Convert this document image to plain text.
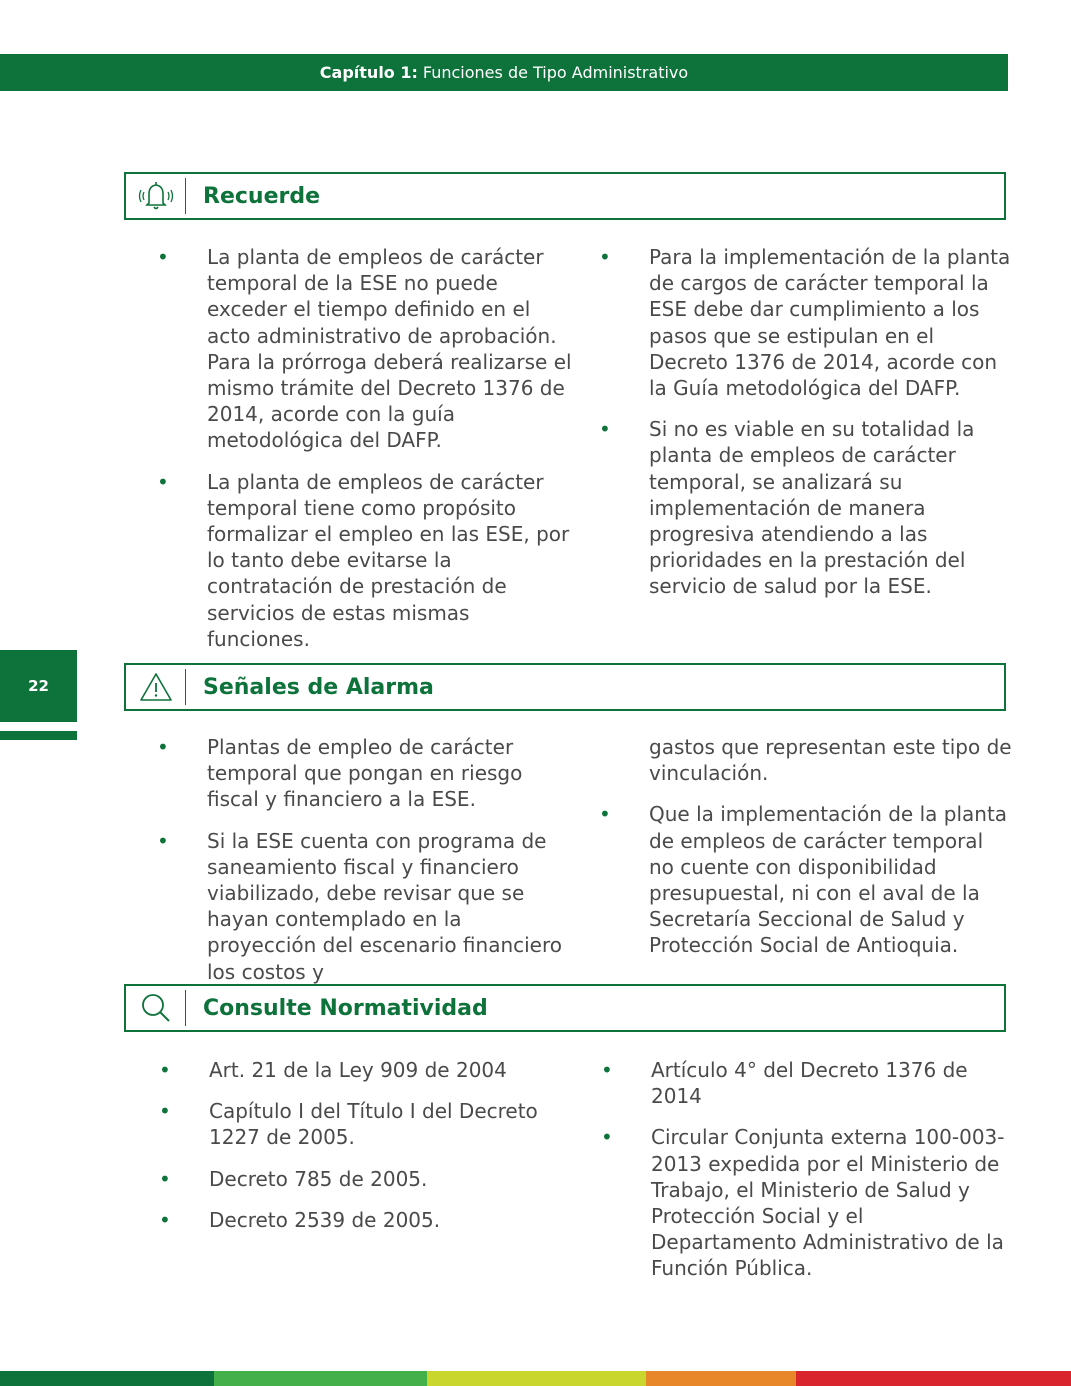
Capítulo 1: Funciones de Tipo Administrativo
22
Recuerde
•	La planta de empleos de carácter temporal de la ESE no puede exceder el tiempo definido en el acto administrativo de aprobación. Para la prórroga deberá realizarse el mismo trámite del Decreto 1376 de 2014, acorde con la guía metodológica del DAFP.
•	La planta de empleos de carácter temporal tiene como propósito formalizar el empleo en las ESE, por lo tanto debe evitarse la contratación de prestación de servicios de estas mismas funciones.
•	Para la implementación de la planta de cargos de carácter temporal la ESE debe dar cumplimiento a los pasos que se estipulan en el Decreto 1376 de 2014, acorde con la Guía metodológica del DAFP.
•	Si no es viable en su totalidad la planta de empleos de carácter temporal, se analizará su implementación de manera progresiva atendiendo a las prioridades en la prestación del servicio de salud por la ESE.
Señales de Alarma
•	Plantas de empleo de carácter temporal que pongan en riesgo fiscal y financiero a la ESE.
•	Si la ESE cuenta con programa de saneamiento fiscal y financiero viabilizado, debe revisar que se hayan contemplado en la proyección del escenario financiero los costos y
gastos que representan este tipo de vinculación.
•	Que la implementación de la planta de empleos de carácter temporal no cuente con disponibilidad presupuestal, ni con el aval de la Secretaría Seccional de Salud y Protección Social de Antioquia.
Consulte Normatividad
•	Art. 21 de la Ley 909 de 2004
•	Capítulo I del Título I del Decreto 1227 de 2005.
•	Decreto 785 de 2005.
•	Decreto 2539 de 2005.
•	Artículo 4° del Decreto 1376 de 2014
•	Circular Conjunta externa 100-003-2013 expedida por el Ministerio de Trabajo, el Ministerio de Salud y Protección Social y el Departamento Administrativo de la Función Pública.
